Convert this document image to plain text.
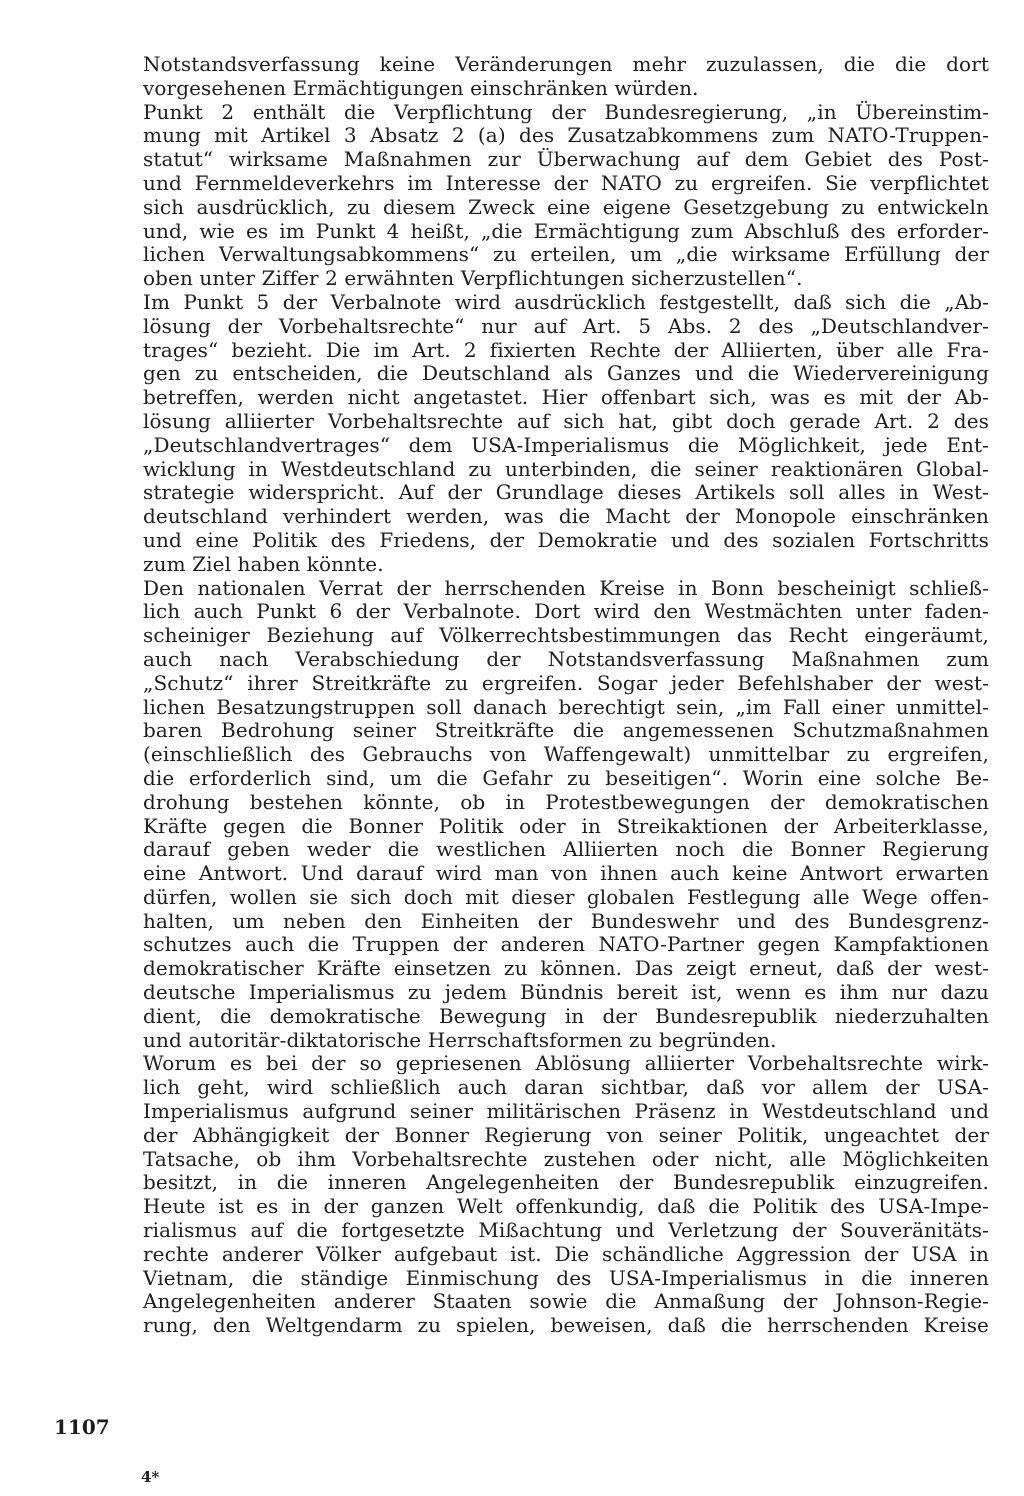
Notstandsverfassung keine Veränderungen mehr zuzulassen, die die dort
vorgesehenen Ermächtigungen einschränken würden.
Punkt 2 enthält die Verpflichtung der Bundesregierung, „in Übereinstim-
mung mit Artikel 3 Absatz 2 (a) des Zusatzabkommens zum NATO-Truppen-
statut“ wirksame Maßnahmen zur Überwachung auf dem Gebiet des Post-
und Fernmeldeverkehrs im Interesse der NATO zu ergreifen. Sie verpflichtet
sich ausdrücklich, zu diesem Zweck eine eigene Gesetzgebung zu entwickeln
und, wie es im Punkt 4 heißt, „die Ermächtigung zum Abschluß des erforder-
lichen Verwaltungsabkommens“ zu erteilen, um „die wirksame Erfüllung der
oben unter Ziffer 2 erwähnten Verpflichtungen sicherzustellen“.
Im Punkt 5 der Verbalnote wird ausdrücklich festgestellt, daß sich die „Ab-
lösung der Vorbehaltsrechte“ nur auf Art. 5 Abs. 2 des „Deutschlandver-
trages“ bezieht. Die im Art. 2 fixierten Rechte der Alliierten, über alle Fra-
gen zu entscheiden, die Deutschland als Ganzes und die Wiedervereinigung
betreffen, werden nicht angetastet. Hier offenbart sich, was es mit der Ab-
lösung alliierter Vorbehaltsrechte auf sich hat, gibt doch gerade Art. 2 des
„Deutschlandvertrages“ dem USA-Imperialismus die Möglichkeit, jede Ent-
wicklung in Westdeutschland zu unterbinden, die seiner reaktionären Global-
strategie widerspricht. Auf der Grundlage dieses Artikels soll alles in West-
deutschland verhindert werden, was die Macht der Monopole einschränken
und eine Politik des Friedens, der Demokratie und des sozialen Fortschritts
zum Ziel haben könnte.
Den nationalen Verrat der herrschenden Kreise in Bonn bescheinigt schließ-
lich auch Punkt 6 der Verbalnote. Dort wird den Westmächten unter faden-
scheiniger Beziehung auf Völkerrechtsbestimmungen das Recht eingeräumt,
auch nach Verabschiedung der Notstandsverfassung Maßnahmen zum
„Schutz“ ihrer Streitkräfte zu ergreifen. Sogar jeder Befehlshaber der west-
lichen Besatzungstruppen soll danach berechtigt sein, „im Fall einer unmittel-
baren Bedrohung seiner Streitkräfte die angemessenen Schutzmaßnahmen
(einschließlich des Gebrauchs von Waffengewalt) unmittelbar zu ergreifen,
die erforderlich sind, um die Gefahr zu beseitigen“. Worin eine solche Be-
drohung bestehen könnte, ob in Protestbewegungen der demokratischen
Kräfte gegen die Bonner Politik oder in Streikaktionen der Arbeiterklasse,
darauf geben weder die westlichen Alliierten noch die Bonner Regierung
eine Antwort. Und darauf wird man von ihnen auch keine Antwort erwarten
dürfen, wollen sie sich doch mit dieser globalen Festlegung alle Wege offen-
halten, um neben den Einheiten der Bundeswehr und des Bundesgrenz-
schutzes auch die Truppen der anderen NATO-Partner gegen Kampfaktionen
demokratischer Kräfte einsetzen zu können. Das zeigt erneut, daß der west-
deutsche Imperialismus zu jedem Bündnis bereit ist, wenn es ihm nur dazu
dient, die demokratische Bewegung in der Bundesrepublik niederzuhalten
und autoritär-diktatorische Herrschaftsformen zu begründen.
Worum es bei der so gepriesenen Ablösung alliierter Vorbehaltsrechte wirk-
lich geht, wird schließlich auch daran sichtbar, daß vor allem der USA-
Imperialismus aufgrund seiner militärischen Präsenz in Westdeutschland und
der Abhängigkeit der Bonner Regierung von seiner Politik, ungeachtet der
Tatsache, ob ihm Vorbehaltsrechte zustehen oder nicht, alle Möglichkeiten
besitzt, in die inneren Angelegenheiten der Bundesrepublik einzugreifen.
Heute ist es in der ganzen Welt offenkundig, daß die Politik des USA-Impe-
rialismus auf die fortgesetzte Mißachtung und Verletzung der Souveränitäts-
rechte anderer Völker aufgebaut ist. Die schändliche Aggression der USA in
Vietnam, die ständige Einmischung des USA-Imperialismus in die inneren
Angelegenheiten anderer Staaten sowie die Anmaßung der Johnson-Regie-
rung, den Weltgendarm zu spielen, beweisen, daß die herrschenden Kreise
1107
4*
